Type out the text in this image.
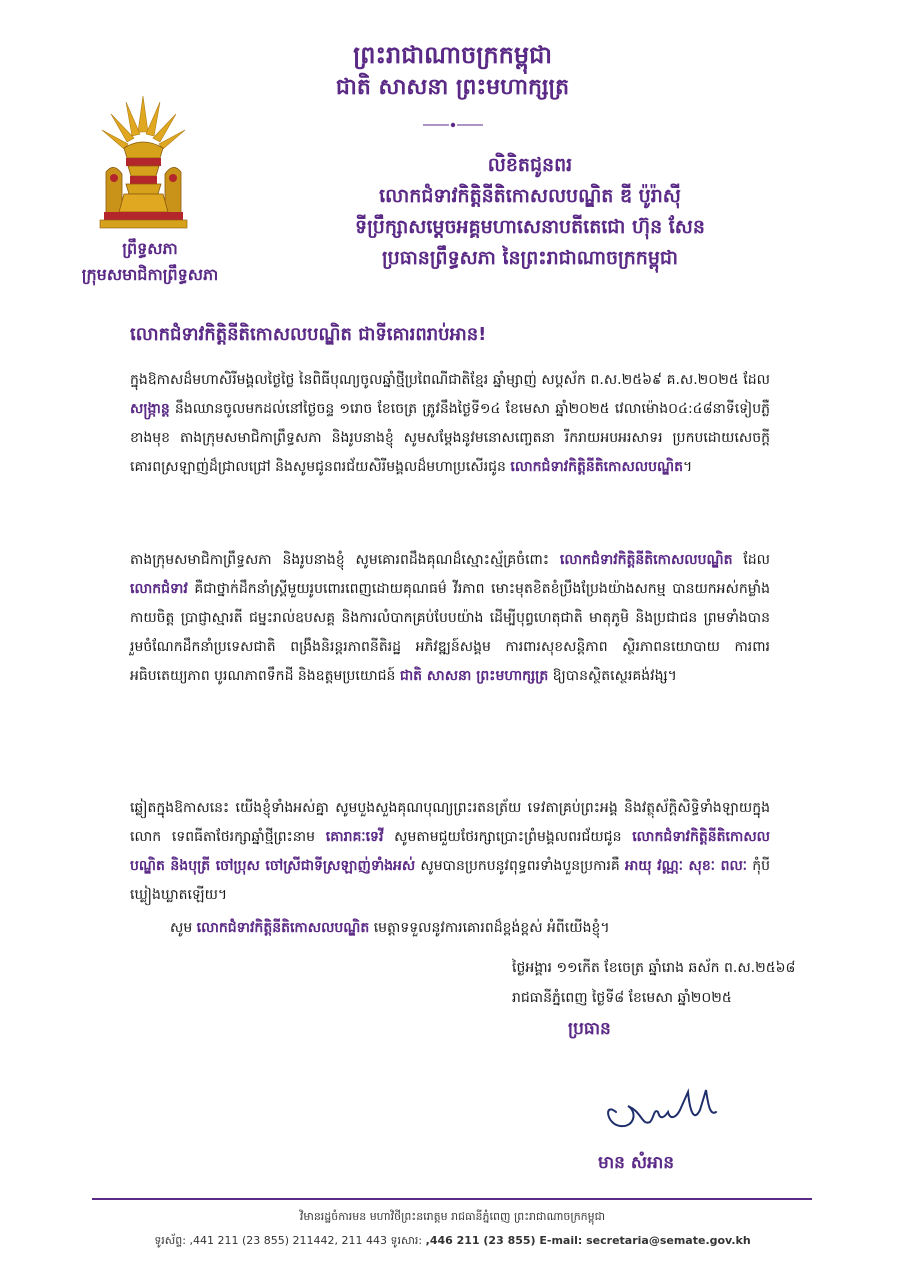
ព្រះរាជាណាចក្រកម្ពុជា

ជាតិ សាសនា ព្រះមហាក្សត្រ

ព្រឹទ្ធសភា
ក្រុមសមាជិកាព្រឹទ្ធសភា
លិខិតជូនពរ
លោកជំទាវកិត្តិនីតិកោសលបណ្ឌិត ឌី ប៉ូរ៉ាសុី
ទីប្រឹក្សាសម្តេចអគ្គមហាសេនាបតីតេជោ ហ៊ុន សែន
ប្រធានព្រឹទ្ធសភា នៃព្រះរាជាណាចក្រកម្ពុជា
លោកជំទាវកិត្តិនីតិកោសលបណ្ឌិត ជាទីគោរពរាប់អាន!
ក្នុងឱកាសដ៏មហាសិរីមង្គលថ្ងៃថ្លៃ នៃពិធីបុណ្យចូលឆ្នាំថ្មីប្រពៃណីជាតិខ្មែរ ឆ្នាំម្សាញ់ សប្តស័ក ព.ស.២៥៦៩ គ.ស.២០២៥ ដែល សង្ក្រាន្ត នឹងឈានចូលមកដល់នៅថ្ងៃចន្ទ ១រោច ខែចេត្រ ត្រូវនឹងថ្ងៃទី១៤ ខែមេសា ឆ្នាំ២០២៥ វេលាម៉ោង០៤:៤៨នាទីទៀបភ្លឺ ខាងមុខ តាងក្រុមសមាជិកាព្រឹទ្ធសភា និងរូបនាងខ្ញុំ សូមសម្តែងនូវមនោសញ្ចេតនា រីករាយអបអរសាទរ ប្រកបដោយសេចក្តីគោរពស្រឡាញ់ដ៏ជ្រាលជ្រៅ និងសូមជូនពរជ័យសិរីមង្គលដ៏មហាប្រសើរជូន លោកជំទាវកិត្តិនីតិកោសលបណ្ឌិត។
តាងក្រុមសមាជិកាព្រឹទ្ធសភា និងរូបនាងខ្ញុំ សូមគោរពដឹងគុណដ៏ស្មោះស្ម័គ្រចំពោះ លោកជំទាវកិត្តិនីតិកោសលបណ្ឌិត ដែល លោកជំទាវ គឺជាថ្នាក់ដឹកនាំស្ត្រីមួយរូបពោរពេញដោយគុណធម៌ វីរភាព មោះមុតខិតខំប្រឹងប្រែងយ៉ាងសកម្ម បានយកអស់កម្លាំងកាយចិត្ត ប្រាជ្ញាស្មារតី ជម្នះរាល់ឧបសគ្គ និងការលំបាកគ្រប់បែបយ៉ាង ដើម្បីបុព្វហេតុជាតិ មាតុភូមិ និងប្រជាជន ព្រមទាំងបានរួមចំណែកដឹកនាំប្រទេសជាតិ ពង្រឹងនិរន្តរភាពនីតិរដ្ឋ អភិវឌ្ឍន៍សង្គម ការពារសុខសន្តិភាព ស្ថិរភាពនយោបាយ ការពារអធិបតេយ្យភាព បូរណភាពទឹកដី និងឧត្តមប្រយោជន៍ ជាតិ សាសនា ព្រះមហាក្សត្រ ឱ្យបានស្ថិតស្ថេរគង់វង្ស។
ឆ្លៀតក្នុងឱកាសនេះ យើងខ្ញុំទាំងអស់គ្នា សូមបួងសួងគុណបុណ្យព្រះរតនត្រ័យ ទេវតាគ្រប់ព្រះអង្គ និងវត្ថុស័ក្តិសិទ្ធិទាំងឡាយក្នុងលោក ទេពធីតាថែរក្សាឆ្នាំថ្មីព្រះនាម គោរាគៈទេវី សូមតាមជួយថែរក្សាប្រោះព្រំមង្គលពរជ័យជូន លោកជំទាវកិត្តិនីតិកោសលបណ្ឌិត និងបុត្រី ចៅប្រុស ចៅស្រីជាទីស្រឡាញ់ទាំងអស់ សូមបានប្រកបនូវពុទ្ធពរទាំងបួនប្រការគឺ អាយុ វណ្ណៈ សុខៈ ពលៈ កុំបីឃ្លៀងឃ្លាតឡើយ។
សូម លោកជំទាវកិត្តិនីតិកោសលបណ្ឌិត មេត្តាទទួលនូវការគោរពដ៏ខ្ពង់ខ្ពស់ អំពីយើងខ្ញុំ។
ថ្ងៃអង្គារ ១១កើត ខែចេត្រ ឆ្នាំរោង ឆស័ក ព.ស.២៥៦៨
រាជធានីភ្នំពេញ ថ្ងៃទី៨ ខែមេសា ឆ្នាំ២០២៥
ប្រធាន
មាន សំអាន
វិមានរដ្ឋចំការមន មហាវិថីព្រះនរោត្តម រាជធានីភ្នំពេញ ព្រះរាជាណាចក្រកម្ពុជា
ទូរស័ព្ទ: ,441 211 (23 855) 211442, 211 443 ទូរសារ: ,446 211 (23 855) E-mail: secretaria@semate.gov.kh
